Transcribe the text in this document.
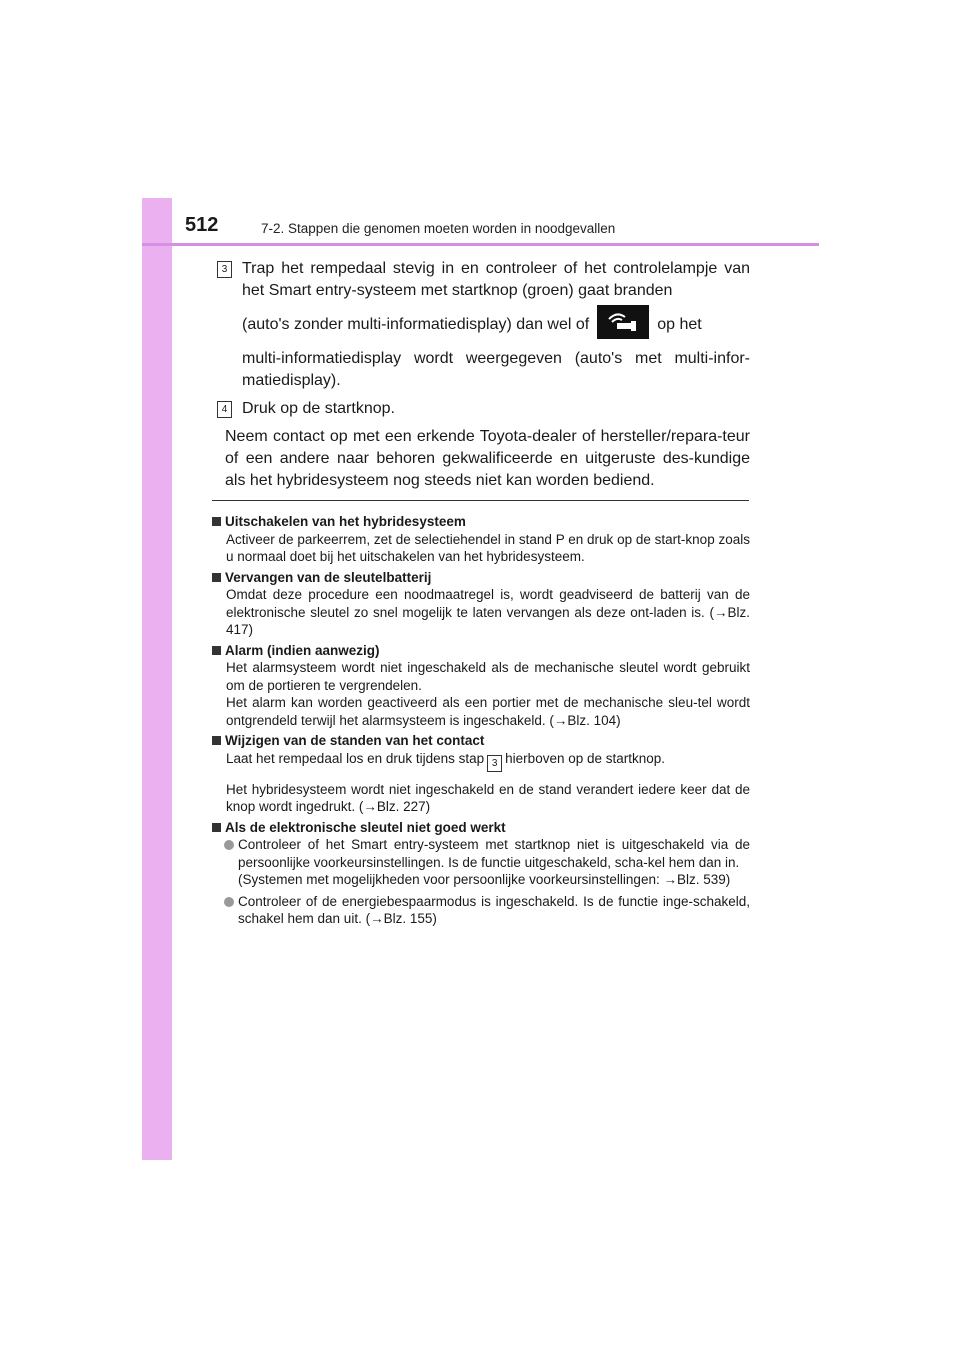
512	7-2. Stappen die genomen moeten worden in noodgevallen
3 Trap het rempedaal stevig in en controleer of het controlelampje van het Smart entry-systeem met startknop (groen) gaat branden
(auto's zonder multi-informatiedisplay) dan wel of	op het
multi-informatiedisplay wordt weergegeven (auto's met multi-infor-matiedisplay).
4 Druk op de startknop.
Neem contact op met een erkende Toyota-dealer of hersteller/repara-teur of een andere naar behoren gekwalificeerde en uitgeruste des-kundige als het hybridesysteem nog steeds niet kan worden bediend.
Uitschakelen van het hybridesysteem
Activeer de parkeerrem, zet de selectiehendel in stand P en druk op de start-knop zoals u normaal doet bij het uitschakelen van het hybridesysteem.
Vervangen van de sleutelbatterij
Omdat deze procedure een noodmaatregel is, wordt geadviseerd de batterij van de elektronische sleutel zo snel mogelijk te laten vervangen als deze ont-laden is. (→Blz. 417)
Alarm (indien aanwezig)
Het alarmsysteem wordt niet ingeschakeld als de mechanische sleutel wordt gebruikt om de portieren te vergrendelen.
Het alarm kan worden geactiveerd als een portier met de mechanische sleu-tel wordt ontgrendeld terwijl het alarmsysteem is ingeschakeld. (→Blz. 104)
Wijzigen van de standen van het contact
Laat het rempedaal los en druk tijdens stap 3 hierboven op de startknop.
Het hybridesysteem wordt niet ingeschakeld en de stand verandert iedere keer dat de knop wordt ingedrukt. (→Blz. 227)
Als de elektronische sleutel niet goed werkt
Controleer of het Smart entry-systeem met startknop niet is uitgeschakeld via de persoonlijke voorkeursinstellingen. Is de functie uitgeschakeld, scha-kel hem dan in.
(Systemen met mogelijkheden voor persoonlijke voorkeursinstellingen: →Blz. 539)
Controleer of de energiebespaarmodus is ingeschakeld. Is de functie inge-schakeld, schakel hem dan uit. (→Blz. 155)
